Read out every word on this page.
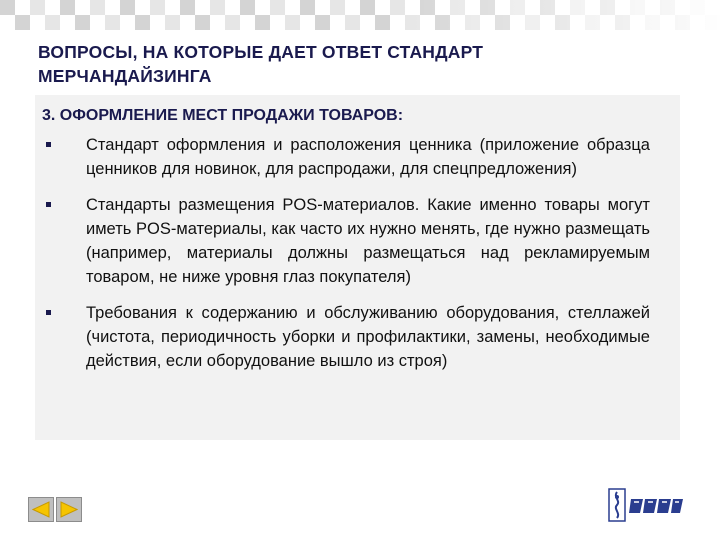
ВОПРОСЫ, НА КОТОРЫЕ ДАЕТ ОТВЕТ СТАНДАРТ
МЕРЧАНДАЙЗИНГА
3. ОФОРМЛЕНИЕ МЕСТ ПРОДАЖИ ТОВАРОВ:
Стандарт оформления и расположения ценника (приложение образца ценников для новинок, для распродажи, для спецпредложения)
Стандарты размещения POS-материалов. Какие именно товары могут иметь POS-материалы, как часто их нужно менять, где нужно размещать (например, материалы должны размещаться над рекламируемым товаром, не ниже уровня глаз покупателя)
Требования к содержанию и обслуживанию оборудования, стеллажей (чистота, периодичность уборки и профилактики, замены, необходимые действия, если оборудование вышло из строя)
